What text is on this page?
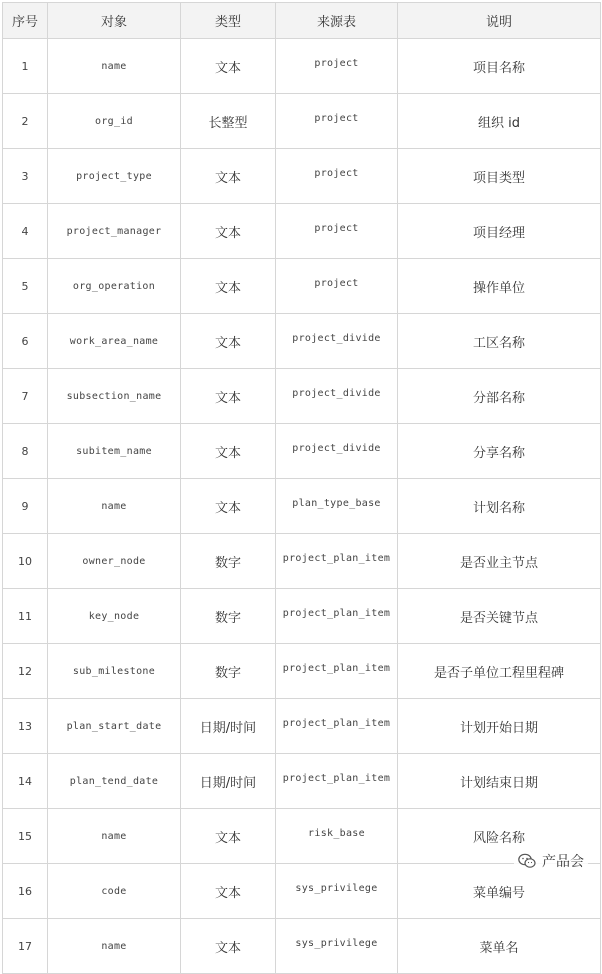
序号	对象	类型	来源表	说明
1	name	文本	project	项目名称
2	org_id	长整型	project	组织 id
3	project_type	文本	project	项目类型
4	project_manager	文本	project	项目经理
5	org_operation	文本	project	操作单位
6	work_area_name	文本	project_divide	工区名称
7	subsection_name	文本	project_divide	分部名称
8	subitem_name	文本	project_divide	分享名称
9	name	文本	plan_type_base	计划名称
10	owner_node	数字	project_plan_item	是否业主节点
11	key_node	数字	project_plan_item	是否关键节点
12	sub_milestone	数字	project_plan_item	是否子单位工程里程碑
13	plan_start_date	日期/时间	project_plan_item	计划开始日期
14	plan_tend_date	日期/时间	project_plan_item	计划结束日期
15	name	文本	risk_base	风险名称
16	code	文本	sys_privilege	菜单编号
17	name	文本	sys_privilege	菜单名
产品会
